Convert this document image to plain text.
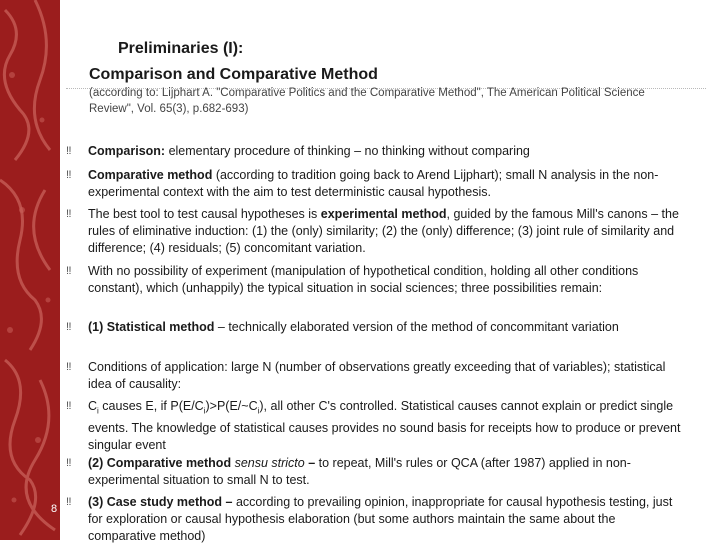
8
Preliminaries (I):
Comparison and Comparative Method
(according to: Lijphart A. "Comparative Politics and the Comparative Method", The American Political Science Review", Vol. 65(3), p.682-693)
‼	Comparison: elementary procedure of thinking – no thinking without comparing
‼	Comparative method (according to tradition going back to Arend Lijphart); small N analysis in the non-experimental context with the aim to test deterministic causal hypothesis.
‼	The best tool to test causal hypotheses is experimental method, guided by the famous Mill's canons – the rules of eliminative induction: (1) the (only) similarity; (2) the (only) difference; (3) joint rule of similarity and difference; (4) residuals; (5) concomitant variation.
‼	With no possibility of experiment (manipulation of hypothetical condition, holding all other conditions constant), which (unhappily) the typical situation in social sciences; three possibilities remain:
‼	(1) Statistical method – technically elaborated version of the method of concommitant variation
‼	Conditions of application: large N (number of observations greatly exceeding that of variables); statistical idea of causality:
‼	$C_i$ causes E, if $P(E/C_i)>P(E/\sim C_i)$, all other C's controlled. Statistical causes cannot explain or predict single events. The knowledge of statistical causes provides no sound basis for receipts how to produce or prevent singular event
‼	(2) Comparative method sensu stricto – to repeat, Mill's rules or QCA (after 1987) applied in non-experimental situation to small N to test.
‼	(3) Case study method – according to prevailing opinion, inappropriate for causal hypothesis testing, just for exploration or causal hypothesis elaboration (but some authors maintain the same about the comparative method)
